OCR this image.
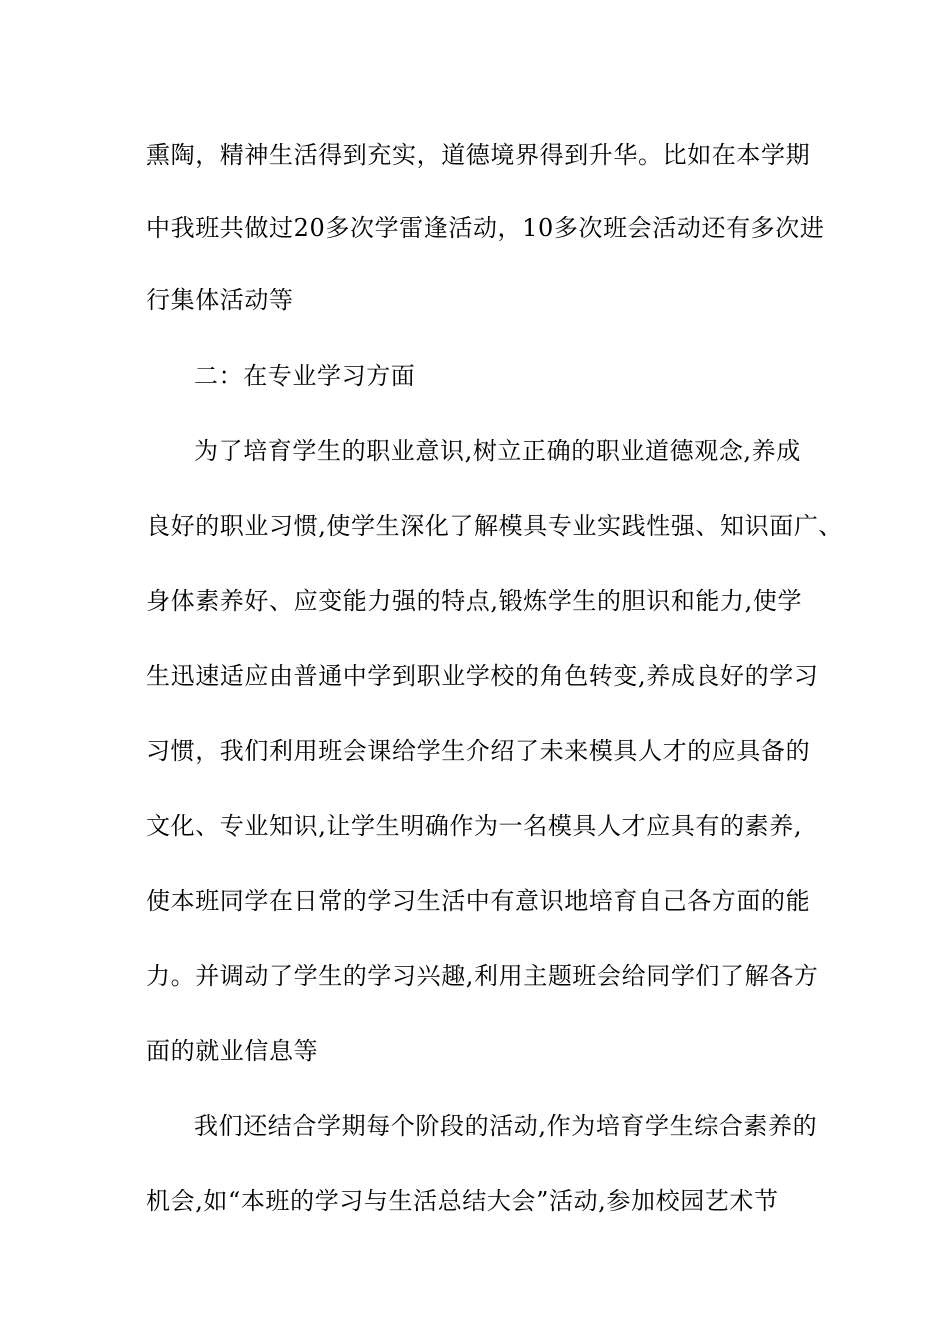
熏陶，精神生活得到充实，道德境界得到升华。比如在本学期
中我班共做过20多次学雷逢活动，10多次班会活动还有多次进
行集体活动等
二：在专业学习方面
为了培育学生的职业意识,树立正确的职业道德观念,养成
良好的职业习惯,使学生深化了解模具专业实践性强、知识面广、
身体素养好、应变能力强的特点,锻炼学生的胆识和能力,使学
生迅速适应由普通中学到职业学校的角色转变,养成良好的学习
习惯，我们利用班会课给学生介绍了未来模具人才的应具备的
文化、专业知识,让学生明确作为一名模具人才应具有的素养,
使本班同学在日常的学习生活中有意识地培育自己各方面的能
力。并调动了学生的学习兴趣,利用主题班会给同学们了解各方
面的就业信息等
我们还结合学期每个阶段的活动,作为培育学生综合素养的
机会,如“本班的学习与生活总结大会”活动,参加校园艺术节
